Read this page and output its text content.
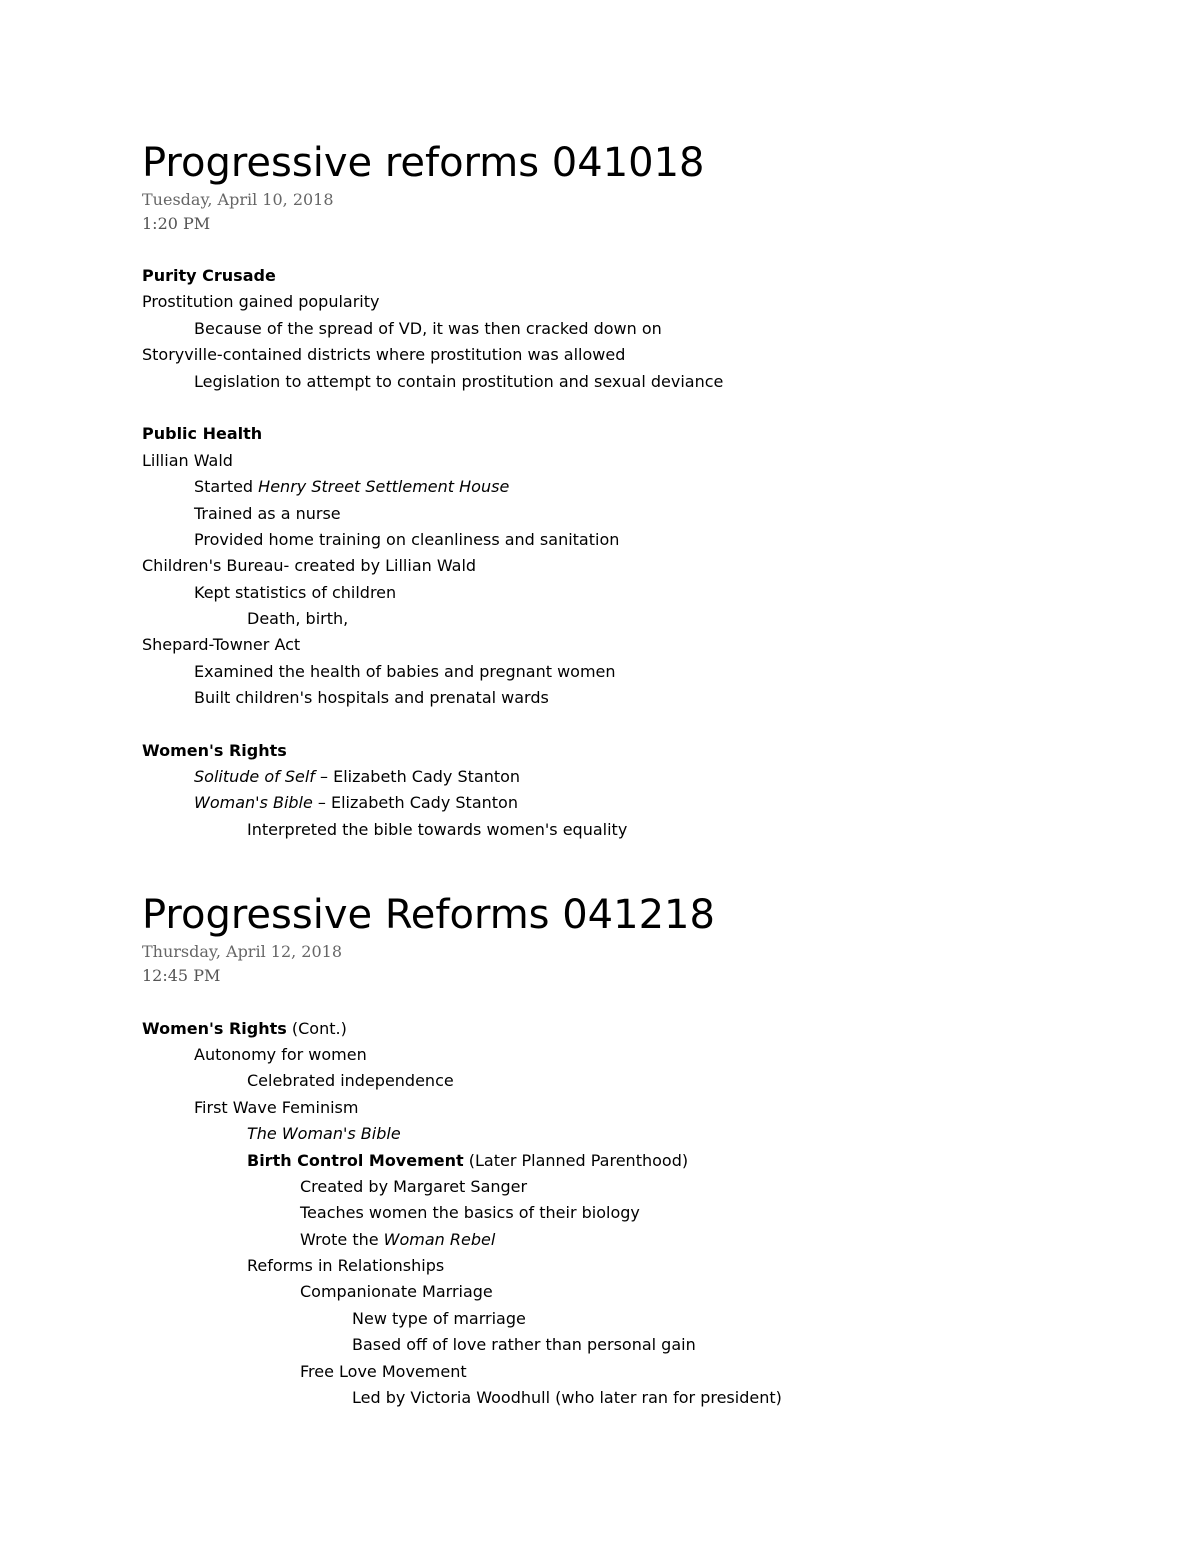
Progressive reforms 041018
Tuesday, April 10, 2018
1:20 PM
Purity Crusade
Prostitution gained popularity
Because of the spread of VD, it was then cracked down on
Storyville-contained districts where prostitution was allowed
Legislation to attempt to contain prostitution and sexual deviance
Public Health
Lillian Wald
Started Henry Street Settlement House
Trained as a nurse
Provided home training on cleanliness and sanitation
Children's Bureau- created by Lillian Wald
Kept statistics of children
Death, birth,
Shepard-Towner Act
Examined the health of babies and pregnant women
Built children's hospitals and prenatal wards
Women's Rights
Solitude of Self – Elizabeth Cady Stanton
Woman's Bible – Elizabeth Cady Stanton
Interpreted the bible towards women's equality
Progressive Reforms 041218
Thursday, April 12, 2018
12:45 PM
Women's Rights (Cont.)
Autonomy for women
Celebrated independence
First Wave Feminism
The Woman's Bible
Birth Control Movement (Later Planned Parenthood)
Created by Margaret Sanger
Teaches women the basics of their biology
Wrote the Woman Rebel
Reforms in Relationships
Companionate Marriage
New type of marriage
Based off of love rather than personal gain
Free Love Movement
Led by Victoria Woodhull (who later ran for president)
